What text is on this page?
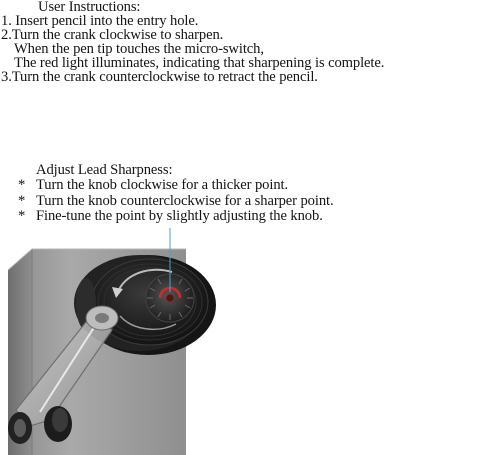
User Instructions:
1. Insert pencil into the entry hole.
2.Turn the crank clockwise to sharpen.
When the pen tip touches the micro-switch,
The red light illuminates, indicating that sharpening is complete.
3.Turn the crank counterclockwise to retract the pencil.
Adjust Lead Sharpness:
* Turn the knob clockwise for a thicker point.
* Turn the knob counterclockwise for a sharper point.
* Fine-tune the point by slightly adjusting the knob.
